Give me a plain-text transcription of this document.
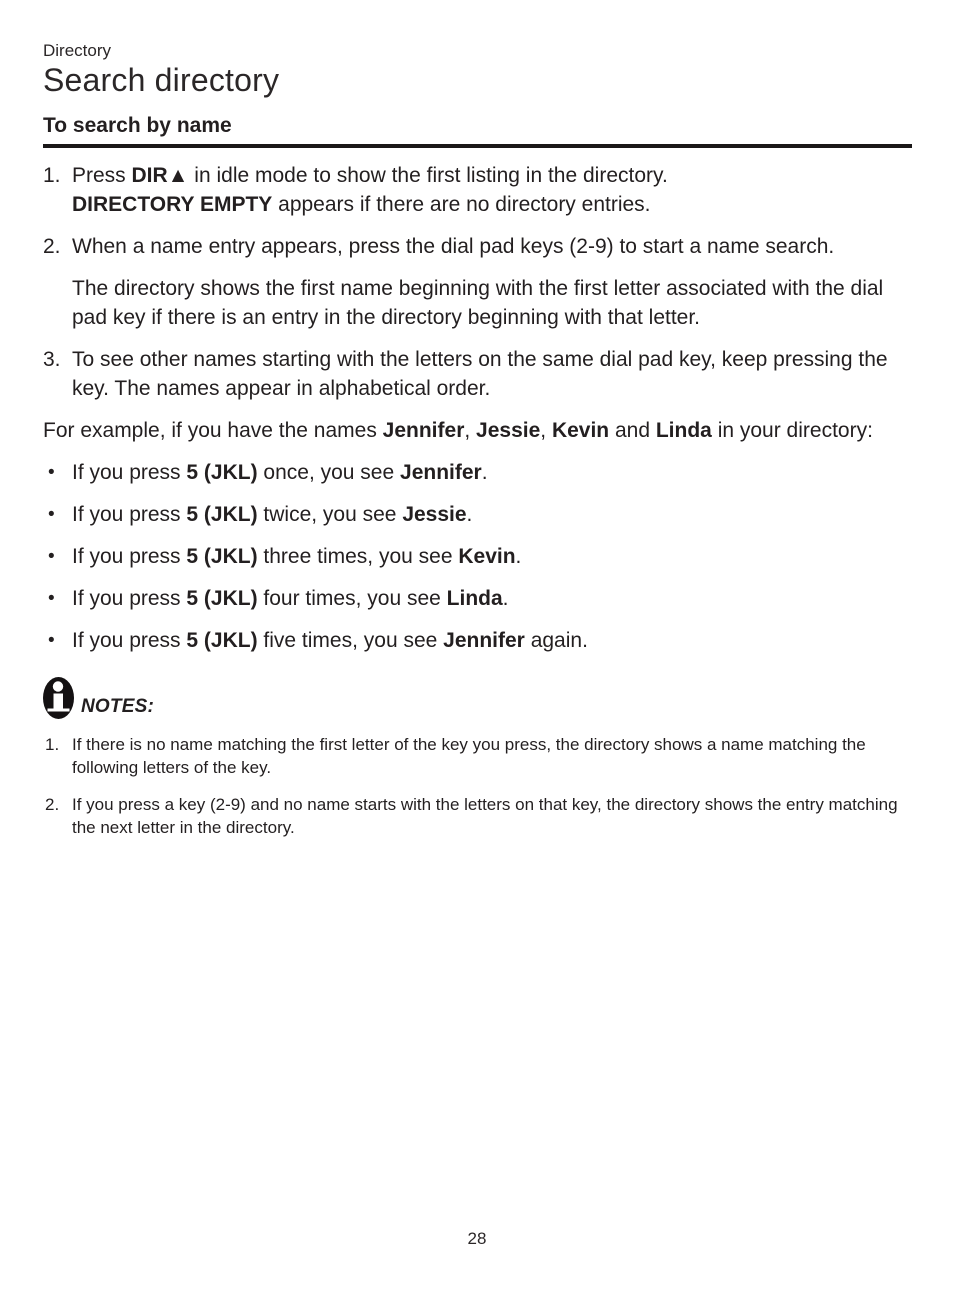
Directory
Search directory
To search by name
1. Press DIR▲ in idle mode to show the first listing in the directory.

DIRECTORY EMPTY appears if there are no directory entries.

2. When a name entry appears, press the dial pad keys (2-9) to start a name search.

The directory shows the first name beginning with the first letter associated with the dial pad key if there is an entry in the directory beginning with that letter.

3. To see other names starting with the letters on the same dial pad key, keep pressing the key. The names appear in alphabetical order.

For example, if you have the names Jennifer, Jessie, Kevin and Linda in your directory:

• If you press 5 (JKL) once, you see Jennifer.
• If you press 5 (JKL) twice, you see Jessie.
• If you press 5 (JKL) three times, you see Kevin.
• If you press 5 (JKL) four times, you see Linda.
• If you press 5 (JKL) five times, you see Jennifer again.
NOTES:
1. If there is no name matching the first letter of the key you press, the directory shows a name matching the following letters of the key.
2. If you press a key (2-9) and no name starts with the letters on that key, the directory shows the entry matching the next letter in the directory.
28
